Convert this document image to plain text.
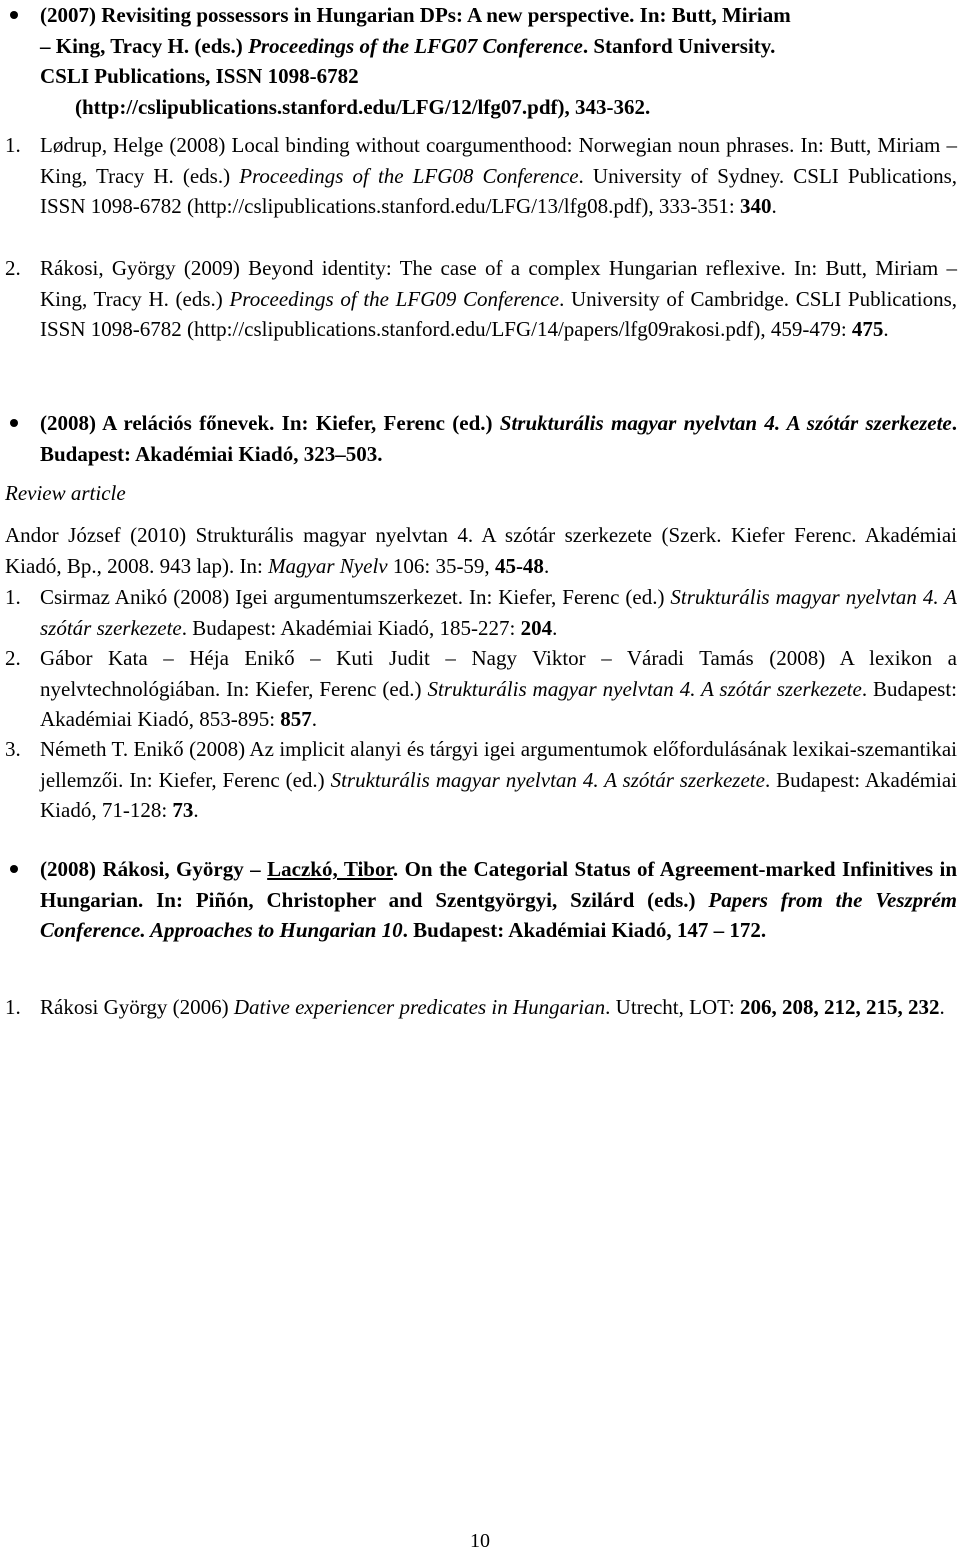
(2007) Revisiting possessors in Hungarian DPs: A new perspective. In: Butt, Miriam
– King, Tracy H. (eds.) Proceedings of the LFG07 Conference. Stanford University.
CSLI Publications, ISSN 1098-6782
(http://cslipublications.stanford.edu/LFG/12/lfg07.pdf), 343-362.
1. Lødrup, Helge (2008) Local binding without coargumenthood: Norwegian noun phrases. In: Butt, Miriam – King, Tracy H. (eds.) Proceedings of the LFG08 Conference. University of Sydney. CSLI Publications, ISSN 1098-6782 (http://cslipublications.stanford.edu/LFG/13/lfg08.pdf), 333-351: 340.
2. Rákosi, György (2009) Beyond identity: The case of a complex Hungarian reflexive. In: Butt, Miriam – King, Tracy H. (eds.) Proceedings of the LFG09 Conference. University of Cambridge. CSLI Publications, ISSN 1098-6782 (http://cslipublications.stanford.edu/LFG/14/papers/lfg09rakosi.pdf), 459-479: 475.
(2008) A relációs főnevek. In: Kiefer, Ferenc (ed.) Strukturális magyar nyelvtan 4. A szótár szerkezete. Budapest: Akadémiai Kiadó, 323–503.
Review article
Andor József (2010) Strukturális magyar nyelvtan 4. A szótár szerkezete (Szerk. Kiefer Ferenc. Akadémiai Kiadó, Bp., 2008. 943 lap). In: Magyar Nyelv 106: 35-59, 45-48.
1. Csirmaz Anikó (2008) Igei argumentumszerkezet. In: Kiefer, Ferenc (ed.) Strukturális magyar nyelvtan 4. A szótár szerkezete. Budapest: Akadémiai Kiadó, 185-227: 204.
2. Gábor Kata – Héja Enikő – Kuti Judit – Nagy Viktor – Váradi Tamás (2008) A lexikon a nyelvtechnológiában. In: Kiefer, Ferenc (ed.) Strukturális magyar nyelvtan 4. A szótár szerkezete. Budapest: Akadémiai Kiadó, 853-895: 857.
3. Németh T. Enikő (2008) Az implicit alanyi és tárgyi igei argumentumok előfordulásának lexikai-szemantikai jellemzői. In: Kiefer, Ferenc (ed.) Strukturális magyar nyelvtan 4. A szótár szerkezete. Budapest: Akadémiai Kiadó, 71-128: 73.
(2008) Rákosi, György – Laczkó, Tibor. On the Categorial Status of Agreement-marked Infinitives in Hungarian. In: Piñón, Christopher and Szentgyörgyi, Szilárd (eds.) Papers from the Veszprém Conference. Approaches to Hungarian 10. Budapest: Akadémiai Kiadó, 147 – 172.
1. Rákosi György (2006) Dative experiencer predicates in Hungarian. Utrecht, LOT: 206, 208, 212, 215, 232.
10
